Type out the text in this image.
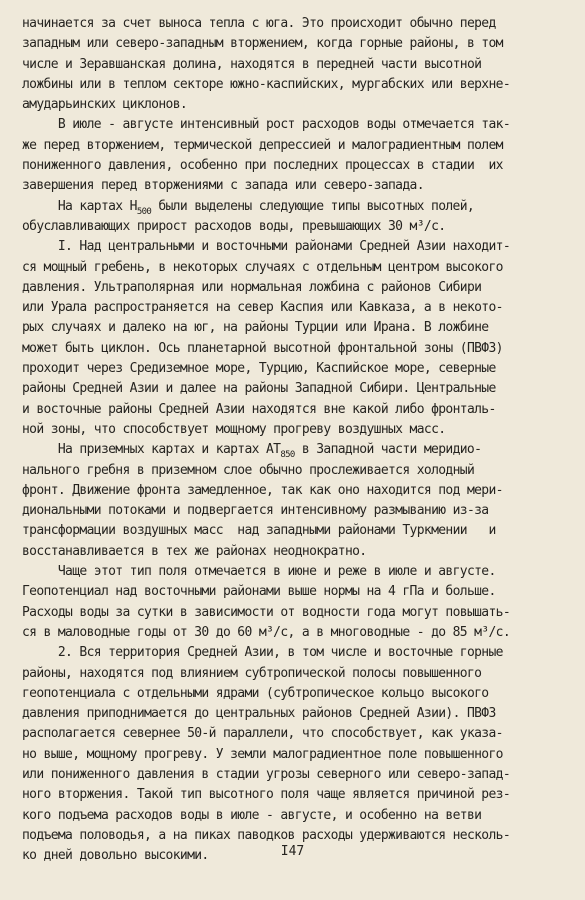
начинается за счет выноса тепла с юга. Это происходит обычно перед
западным или северо-западным вторжением, когда горные районы, в том
числе и Зеравшанская долина, находятся в передней части высотной
ложбины или в теплом секторе южно-каспийских, мургабских или верхне-
амударьинских циклонов.
В июле - августе интенсивный рост расходов воды отмечается так-
же перед вторжением, термической депрессией и малоградиентным полем
пониженного давления, особенно при последних процессах в стадии  их
завершения перед вторжениями с запада или северо-запада.
На картах $Н_{500}$ были выделены следующие типы высотных полей,
обуславливающих прирост расходов воды, превышающих 30 м³/с.
I. Над центральными и восточными районами Средней Азии находит-
ся мощный гребень, в некоторых случаях с отдельным центром высокого
давления. Ультраполярная или нормальная ложбина с районов Сибири
или Урала распространяется на север Каспия или Кавказа, а в некото-
рых случаях и далеко на юг, на районы Турции или Ирана. В ложбине
может быть циклон. Ось планетарной высотной фронтальной зоны (ПВФЗ)
проходит через Средиземное море, Турцию, Каспийское море, северные
районы Средней Азии и далее на районы Западной Сибири. Центральные
и восточные районы Средней Азии находятся вне какой либо фронталь-
ной зоны, что способствует мощному прогреву воздушных масс.
На приземных картах и картах $АТ_{850}$ в Западной части меридио-
нального гребня в приземном слое обычно прослеживается холодный
фронт. Движение фронта замедленное, так как оно находится под мери-
диональными потоками и подвергается интенсивному размыванию из-за
трансформации воздушных масс  над западными районами Туркмении   и
восстанавливается в тех же районах неоднократно.
Чаще этот тип поля отмечается в июне и реже в июле и августе.
Геопотенциал над восточными районами выше нормы на 4 гПа и больше.
Расходы воды за сутки в зависимости от водности года могут повышать-
ся в маловодные годы от 30 до 60 м³/с, а в многоводные - до 85 м³/с.
2. Вся территория Средней Азии, в том числе и восточные горные
районы, находятся под влиянием субтропической полосы повышенного
геопотенциала с отдельными ядрами (субтропическое кольцо высокого
давления приподнимается до центральных районов Средней Азии). ПВФЗ
располагается севернее 50-й параллели, что способствует, как указа-
но выше, мощному прогреву. У земли малоградиентное поле повышенного
или пониженного давления в стадии угрозы северного или северо-запад-
ного вторжения. Такой тип высотного поля чаще является причиной рез-
кого подъема расходов воды в июле - августе, и особенно на ветви
подъема половодья, а на пиках паводков расходы удерживаются несколь-
ко дней довольно высокими.	I47
